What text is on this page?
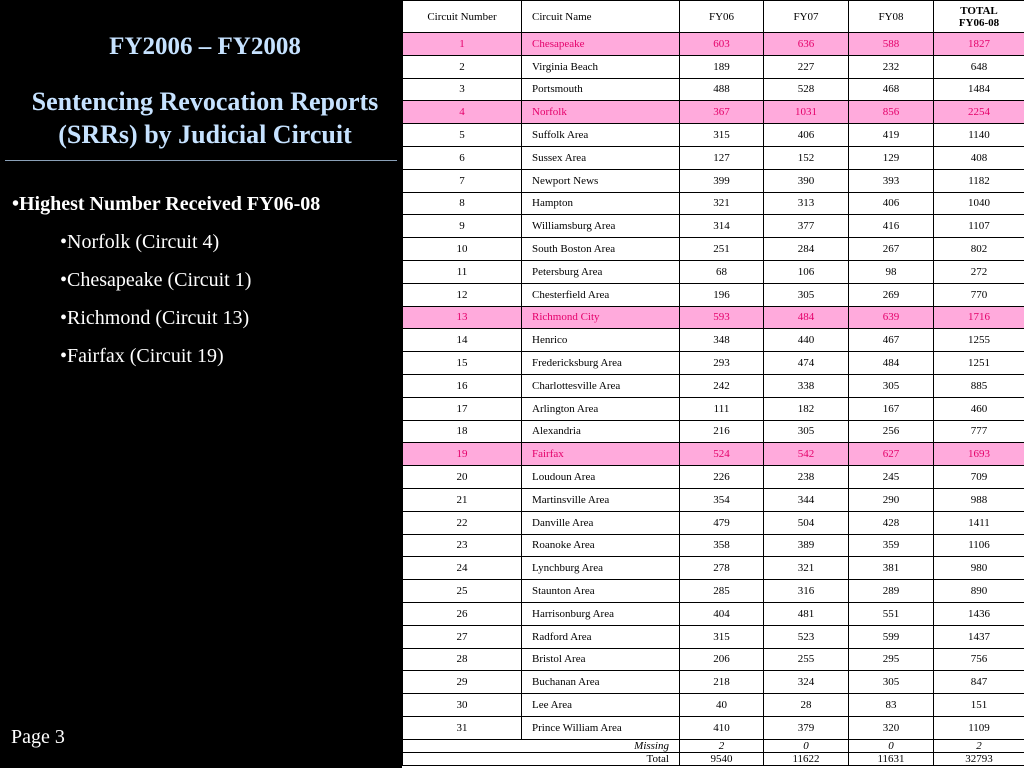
FY2006 – FY2008
Sentencing Revocation Reports (SRRs) by Judicial Circuit

•Highest Number Received FY06-08

•Norfolk (Circuit 4)

•Chesapeake (Circuit 1)

•Richmond (Circuit 13)

•Fairfax (Circuit 19)

Page 3
Circuit Number	Circuit Name	FY06	FY07	FY08	TOTAL
FY06-08
1	Chesapeake	603	636	588	1827
2	Virginia Beach	189	227	232	648
3	Portsmouth	488	528	468	1484
4	Norfolk	367	1031	856	2254
5	Suffolk Area	315	406	419	1140
6	Sussex Area	127	152	129	408
7	Newport News	399	390	393	1182
8	Hampton	321	313	406	1040
9	Williamsburg Area	314	377	416	1107
10	South Boston Area	251	284	267	802
11	Petersburg Area	68	106	98	272
12	Chesterfield Area	196	305	269	770
13	Richmond City	593	484	639	1716
14	Henrico	348	440	467	1255
15	Fredericksburg Area	293	474	484	1251
16	Charlottesville Area	242	338	305	885
17	Arlington Area	111	182	167	460
18	Alexandria	216	305	256	777
19	Fairfax	524	542	627	1693
20	Loudoun Area	226	238	245	709
21	Martinsville Area	354	344	290	988
22	Danville Area	479	504	428	1411
23	Roanoke Area	358	389	359	1106
24	Lynchburg Area	278	321	381	980
25	Staunton Area	285	316	289	890
26	Harrisonburg Area	404	481	551	1436
27	Radford Area	315	523	599	1437
28	Bristol Area	206	255	295	756
29	Buchanan Area	218	324	305	847
30	Lee Area	40	28	83	151
31	Prince William Area	410	379	320	1109
Missing		2	0	0	2
Total		9540	11622	11631	32793
